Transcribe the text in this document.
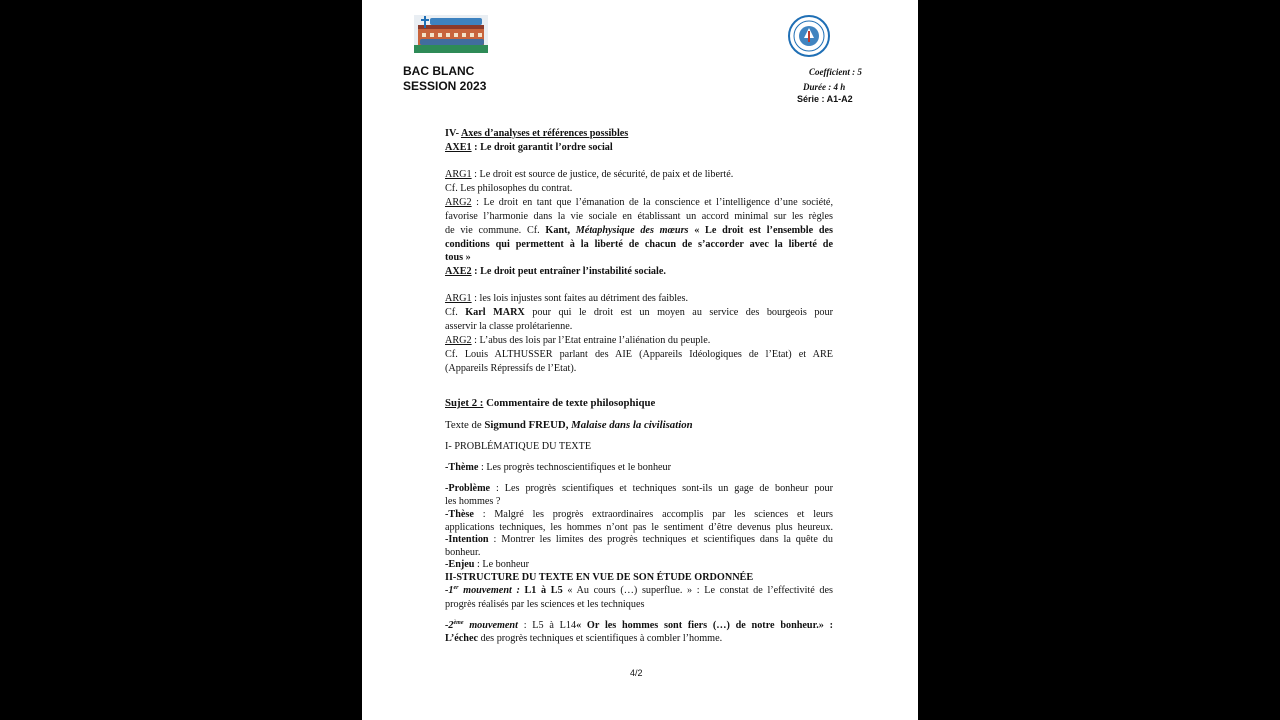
BAC BLANC
SESSION 2023
Coefficient : 5
Durée : 4 h
Série : A1-A2
IV- Axes d’analyses et références possibles
AXE1 : Le droit garantit l’ordre social
ARG1 : Le droit est source de justice, de sécurité, de paix et de liberté.
Cf. Les philosophes du contrat.
ARG2 : Le droit en tant que l’émanation de la conscience et l’intelligence d’une société,
favorise l’harmonie dans la vie sociale en établissant un accord minimal sur les règles
de vie commune. Cf. Kant, Métaphysique des mœurs « Le droit est l’ensemble des
conditions qui permettent à la liberté de chacun de s’accorder avec la liberté de
tous »
AXE2 : Le droit peut entraîner l’instabilité sociale.
ARG1 : les lois injustes sont faites au détriment des faibles.
Cf. Karl MARX pour qui le droit est un moyen au service des bourgeois pour
asservir la classe prolétarienne.
ARG2 : L’abus des lois par l’Etat entraine l’aliénation du peuple.
Cf. Louis ALTHUSSER parlant des AIE (Appareils Idéologiques de l’Etat) et ARE
(Appareils Répressifs de l’Etat).
Sujet 2 : Commentaire de texte philosophique
Texte de Sigmund FREUD, Malaise dans la civilisation
I- PROBLÉMATIQUE DU TEXTE
-Thème : Les progrès technoscientifiques et le bonheur
-Problème : Les progrès scientifiques et techniques sont-ils un gage de bonheur pour
les hommes ?
-Thèse : Malgré les progrès extraordinaires accomplis par les sciences et leurs
applications techniques, les hommes n’ont pas le sentiment d’être devenus plus heureux.
-Intention : Montrer les limites des progrès techniques et scientifiques dans la quête du
bonheur.
-Enjeu : Le bonheur
II-STRUCTURE DU TEXTE EN VUE DE SON ÉTUDE ORDONNÉE
-1er mouvement : L1 à L5 « Au cours (…) superflue. » : Le constat de l’effectivité des
progrès réalisés par les sciences et les techniques
-2ème mouvement : L5 à L14« Or les hommes sont fiers (…) de notre bonheur.» :
L’échec des progrès techniques et scientifiques à combler l’homme.
4/2
